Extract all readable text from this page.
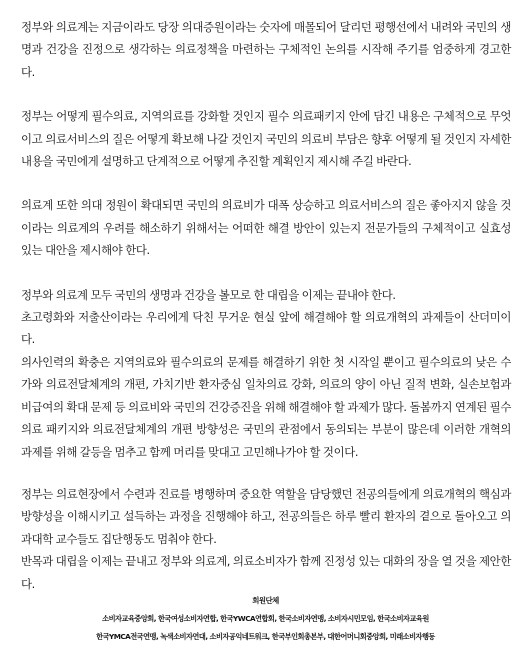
정부와 의료계는 지금이라도 당장 의대증원이라는 숫자에 매몰되어 달리던 평행선에서 내려와 국민의 생명과 건강을 진정으로 생각하는 의료정책을 마련하는 구체적인 논의를 시작해 주기를 엄중하게 경고한다.

정부는 어떻게 필수의료, 지역의료를 강화할 것인지 필수 의료패키지 안에 담긴 내용은 구체적으로 무엇이고 의료서비스의 질은 어떻게 확보해 나갈 것인지 국민의 의료비 부담은 향후 어떻게 될 것인지 자세한 내용을 국민에게 설명하고 단계적으로 어떻게 추진할 계획인지 제시해 주길 바란다.

의료계 또한 의대 정원이 확대되면 국민의 의료비가 대폭 상승하고 의료서비스의 질은 좋아지지 않을 것이라는 의료계의 우려를 해소하기 위해서는 어떠한 해결 방안이 있는지 전문가들의 구체적이고 실효성 있는 대안을 제시해야 한다.

정부와 의료계 모두 국민의 생명과 건강을 볼모로 한 대립을 이제는 끝내야 한다.

초고령화와 저출산이라는 우리에게 닥친 무거운 현실 앞에 해결해야 할 의료개혁의 과제들이 산더미이다.

의사인력의 확충은 지역의료와 필수의료의 문제를 해결하기 위한 첫 시작일 뿐이고 필수의료의 낮은 수가와 의료전달체계의 개편, 가치기반 환자중심 일차의료 강화, 의료의 양이 아닌 질적 변화, 실손보험과 비급여의 확대 문제 등 의료비와 국민의 건강증진을 위해 해결해야 할 과제가 많다. 돌봄까지 연계된 필수의료 패키지와 의료전달체계의 개편 방향성은 국민의 관점에서 동의되는 부분이 많은데 이러한 개혁의 과제를 위해 갈등을 멈추고 함께 머리를 맞대고 고민해나가야 할 것이다.

정부는 의료현장에서 수련과 진료를 병행하며 중요한 역할을 담당했던 전공의들에게 의료개혁의 핵심과 방향성을 이해시키고 설득하는 과정을 진행해야 하고, 전공의들은 하루 빨리 환자의 곁으로 돌아오고 의과대학 교수들도 집단행동도 멈춰야 한다.

반목과 대립을 이제는 끝내고 정부와 의료계, 의료소비자가 함께 진정성 있는 대화의 장을 열 것을 제안한다.

회원단체
소비자교육중앙회, 한국여성소비자연합, 한국YWCA연합회, 한국소비자연맹, 소비자시민모임, 한국소비자교육원
한국YMCA전국연맹, 녹색소비자연대, 소비자공익네트워크, 한국부인회총본부, 대한어머니회중앙회, 미래소비자행동
